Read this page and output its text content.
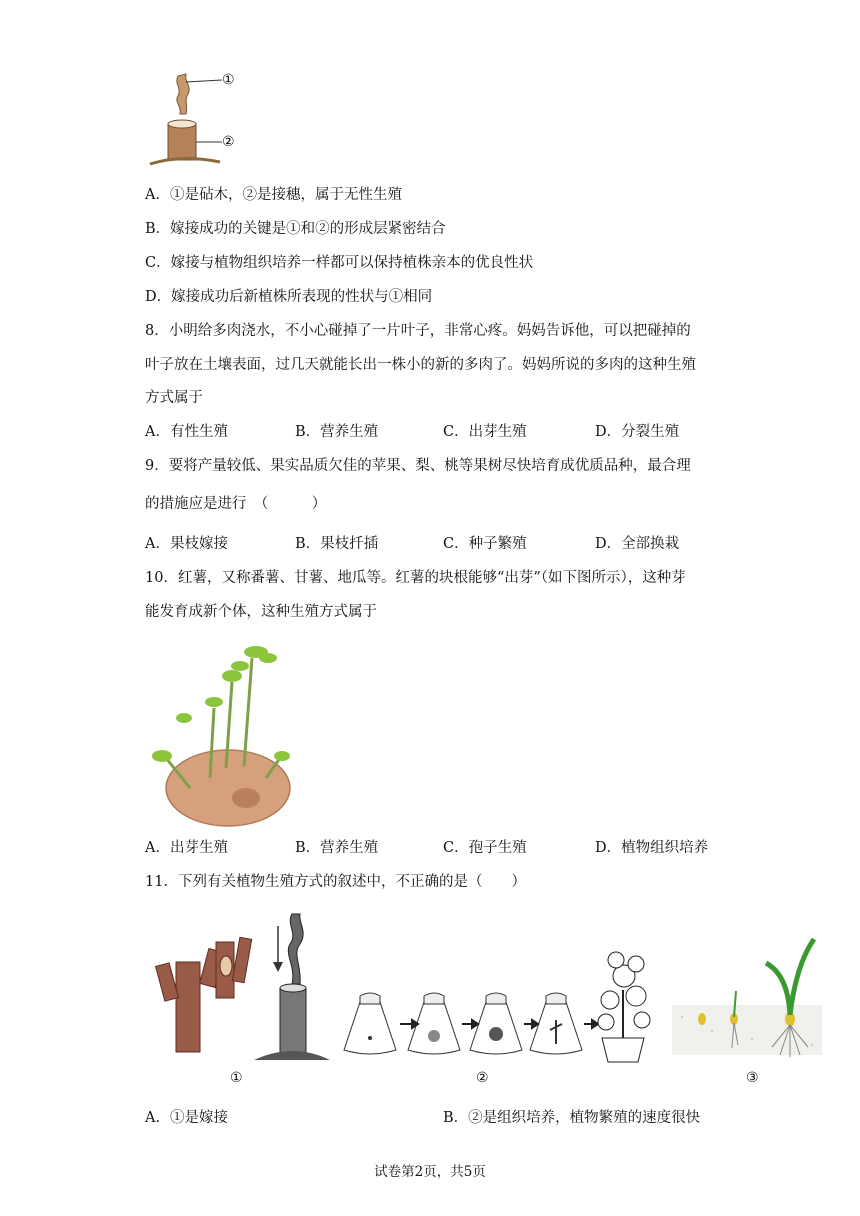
①
②
A．①是砧木，②是接穗，属于无性生殖
B．嫁接成功的关键是①和②的形成层紧密结合
C．嫁接与植物组织培养一样都可以保持植株亲本的优良性状
D．嫁接成功后新植株所表现的性状与①相同
8．小明给多肉浇水，不小心碰掉了一片叶子，非常心疼。妈妈告诉他，可以把碰掉的
叶子放在土壤表面，过几天就能长出一株小的新的多肉了。妈妈所说的多肉的这种生殖
方式属于
A．有性生殖	B．营养生殖	C．出芽生殖	D．分裂生殖
9．要将产量较低、果实品质欠佳的苹果、梨、桃等果树尽快培育成优质品种，最合理
的措施应是进行　（　　　）
A．果枝嫁接	B．果枝扦插	C．种子繁殖	D．全部换栽
10．红薯，又称番薯、甘薯、地瓜等。红薯的块根能够“出芽”（如下图所示），这种芽
能发育成新个体，这种生殖方式属于
A．出芽生殖	B．营养生殖	C．孢子生殖	D．植物组织培养
11．下列有关植物生殖方式的叙述中，不正确的是（　　）
①	②	③
A．①是嫁接	B．②是组织培养，植物繁殖的速度很快
试卷第2页，共5页
